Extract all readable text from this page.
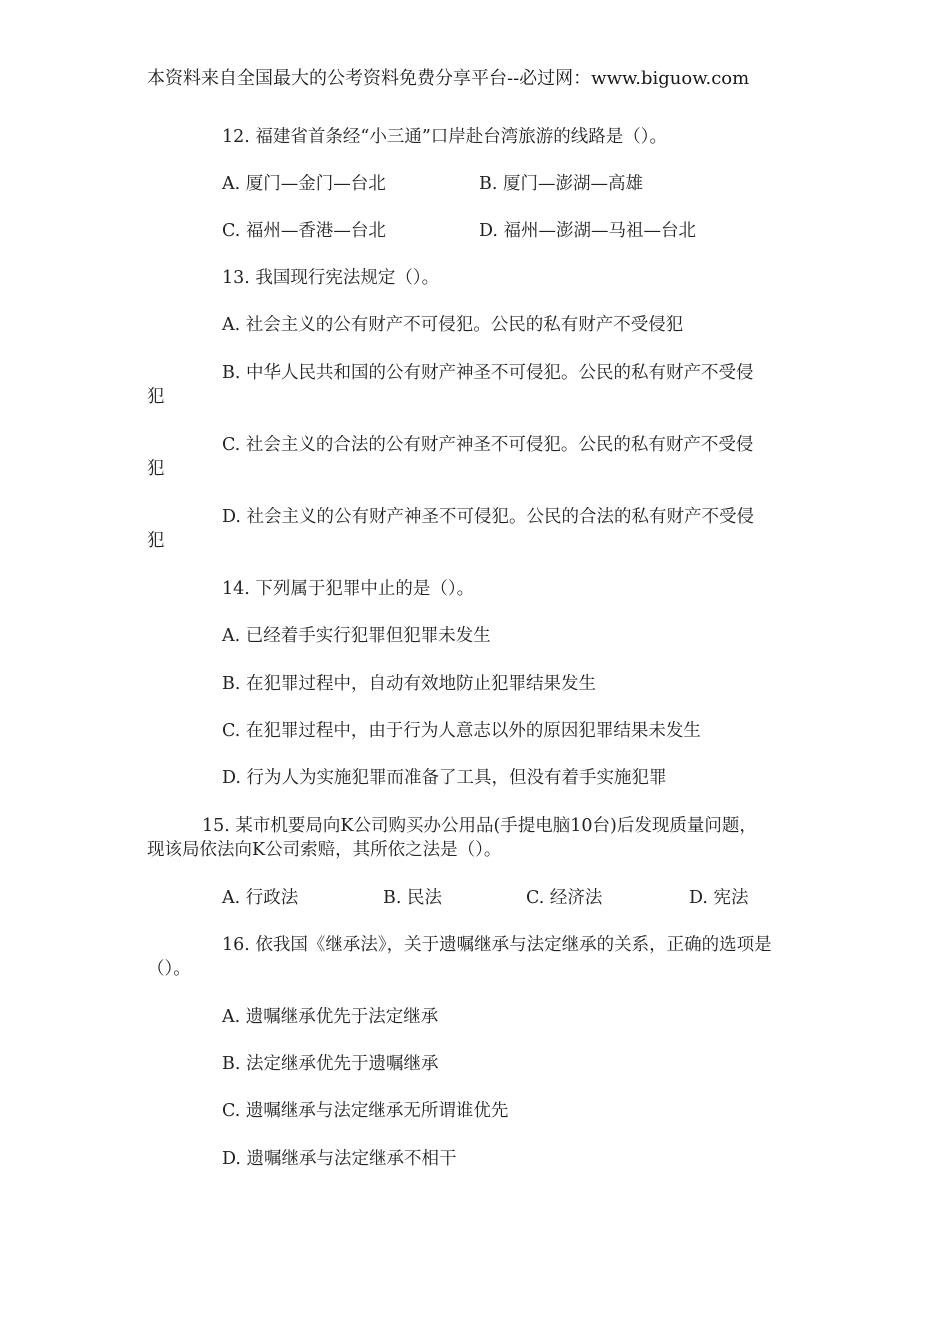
本资料来自全国最大的公考资料免费分享平台--必过网：www.biguow.com
12. 福建省首条经“小三通”口岸赴台湾旅游的线路是（）。
A. 厦门—金门—台北	B. 厦门—澎湖—高雄
C. 福州—香港—台北	D. 福州—澎湖—马祖—台北
13. 我国现行宪法规定（）。
A. 社会主义的公有财产不可侵犯。公民的私有财产不受侵犯
B. 中华人民共和国的公有财产神圣不可侵犯。公民的私有财产不受侵
犯
C. 社会主义的合法的公有财产神圣不可侵犯。公民的私有财产不受侵
犯
D. 社会主义的公有财产神圣不可侵犯。公民的合法的私有财产不受侵
犯
14. 下列属于犯罪中止的是（）。
A. 已经着手实行犯罪但犯罪未发生
B. 在犯罪过程中，自动有效地防止犯罪结果发生
C. 在犯罪过程中，由于行为人意志以外的原因犯罪结果未发生
D. 行为人为实施犯罪而准备了工具，但没有着手实施犯罪
15. 某市机要局向K公司购买办公用品(手提电脑10台)后发现质量问题，
现该局依法向K公司索赔，其所依之法是（）。
A. 行政法	B. 民法	C. 经济法	D. 宪法
16. 依我国《继承法》，关于遗嘱继承与法定继承的关系，正确的选项是
（）。
A. 遗嘱继承优先于法定继承
B. 法定继承优先于遗嘱继承
C. 遗嘱继承与法定继承无所谓谁优先
D. 遗嘱继承与法定继承不相干
